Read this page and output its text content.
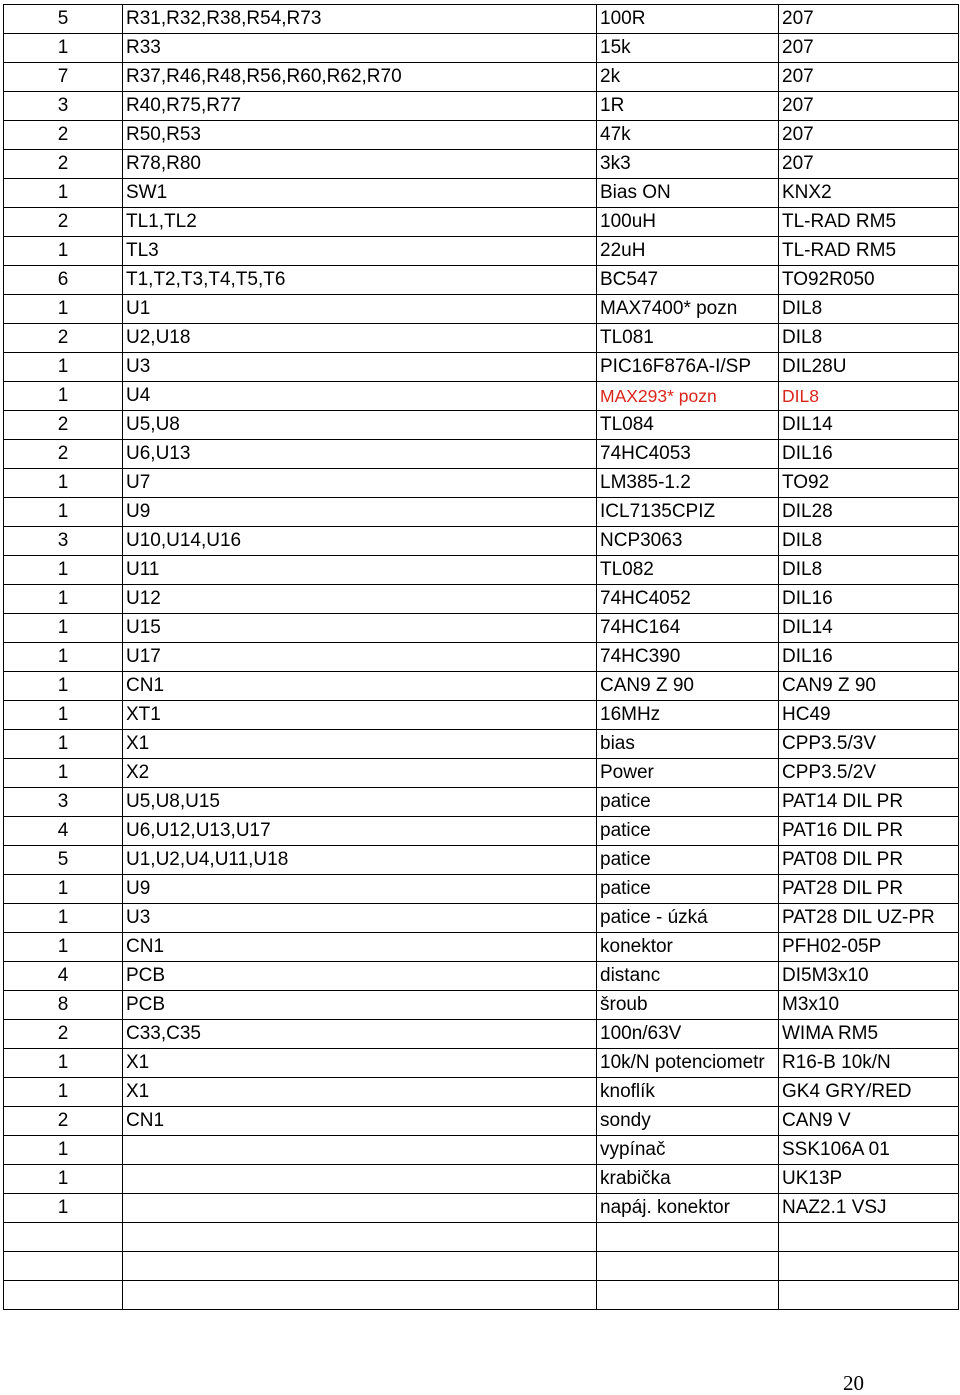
5	R31,R32,R38,R54,R73	100R	207
1	R33	15k	207
7	R37,R46,R48,R56,R60,R62,R70	2k	207
3	R40,R75,R77	1R	207
2	R50,R53	47k	207
2	R78,R80	3k3	207
1	SW1	Bias ON	KNX2
2	TL1,TL2	100uH	TL-RAD RM5
1	TL3	22uH	TL-RAD RM5
6	T1,T2,T3,T4,T5,T6	BC547	TO92R050
1	U1	MAX7400* pozn	DIL8
2	U2,U18	TL081	DIL8
1	U3	PIC16F876A-I/SP	DIL28U
1	U4	MAX293* pozn	DIL8
2	U5,U8	TL084	DIL14
2	U6,U13	74HC4053	DIL16
1	U7	LM385-1.2	TO92
1	U9	ICL7135CPIZ	DIL28
3	U10,U14,U16	NCP3063	DIL8
1	U11	TL082	DIL8
1	U12	74HC4052	DIL16
1	U15	74HC164	DIL14
1	U17	74HC390	DIL16
1	CN1	CAN9 Z 90	CAN9 Z 90
1	XT1	16MHz	HC49
1	X1	bias	CPP3.5/3V
1	X2	Power	CPP3.5/2V
3	U5,U8,U15	patice	PAT14 DIL PR
4	U6,U12,U13,U17	patice	PAT16 DIL PR
5	U1,U2,U4,U11,U18	patice	PAT08 DIL PR
1	U9	patice	PAT28 DIL PR
1	U3	patice - úzká	PAT28 DIL UZ-PR
1	CN1	konektor	PFH02-05P
4	PCB	distanc	DI5M3x10
8	PCB	šroub	M3x10
2	C33,C35	100n/63V	WIMA RM5
1	X1	10k/N potenciometr	R16-B 10k/N
1	X1	knoflík	GK4 GRY/RED
2	CN1	sondy	CAN9 V
1		vypínač	SSK106A 01
1		krabička	UK13P
1		napáj. konektor	NAZ2.1 VSJ

20
